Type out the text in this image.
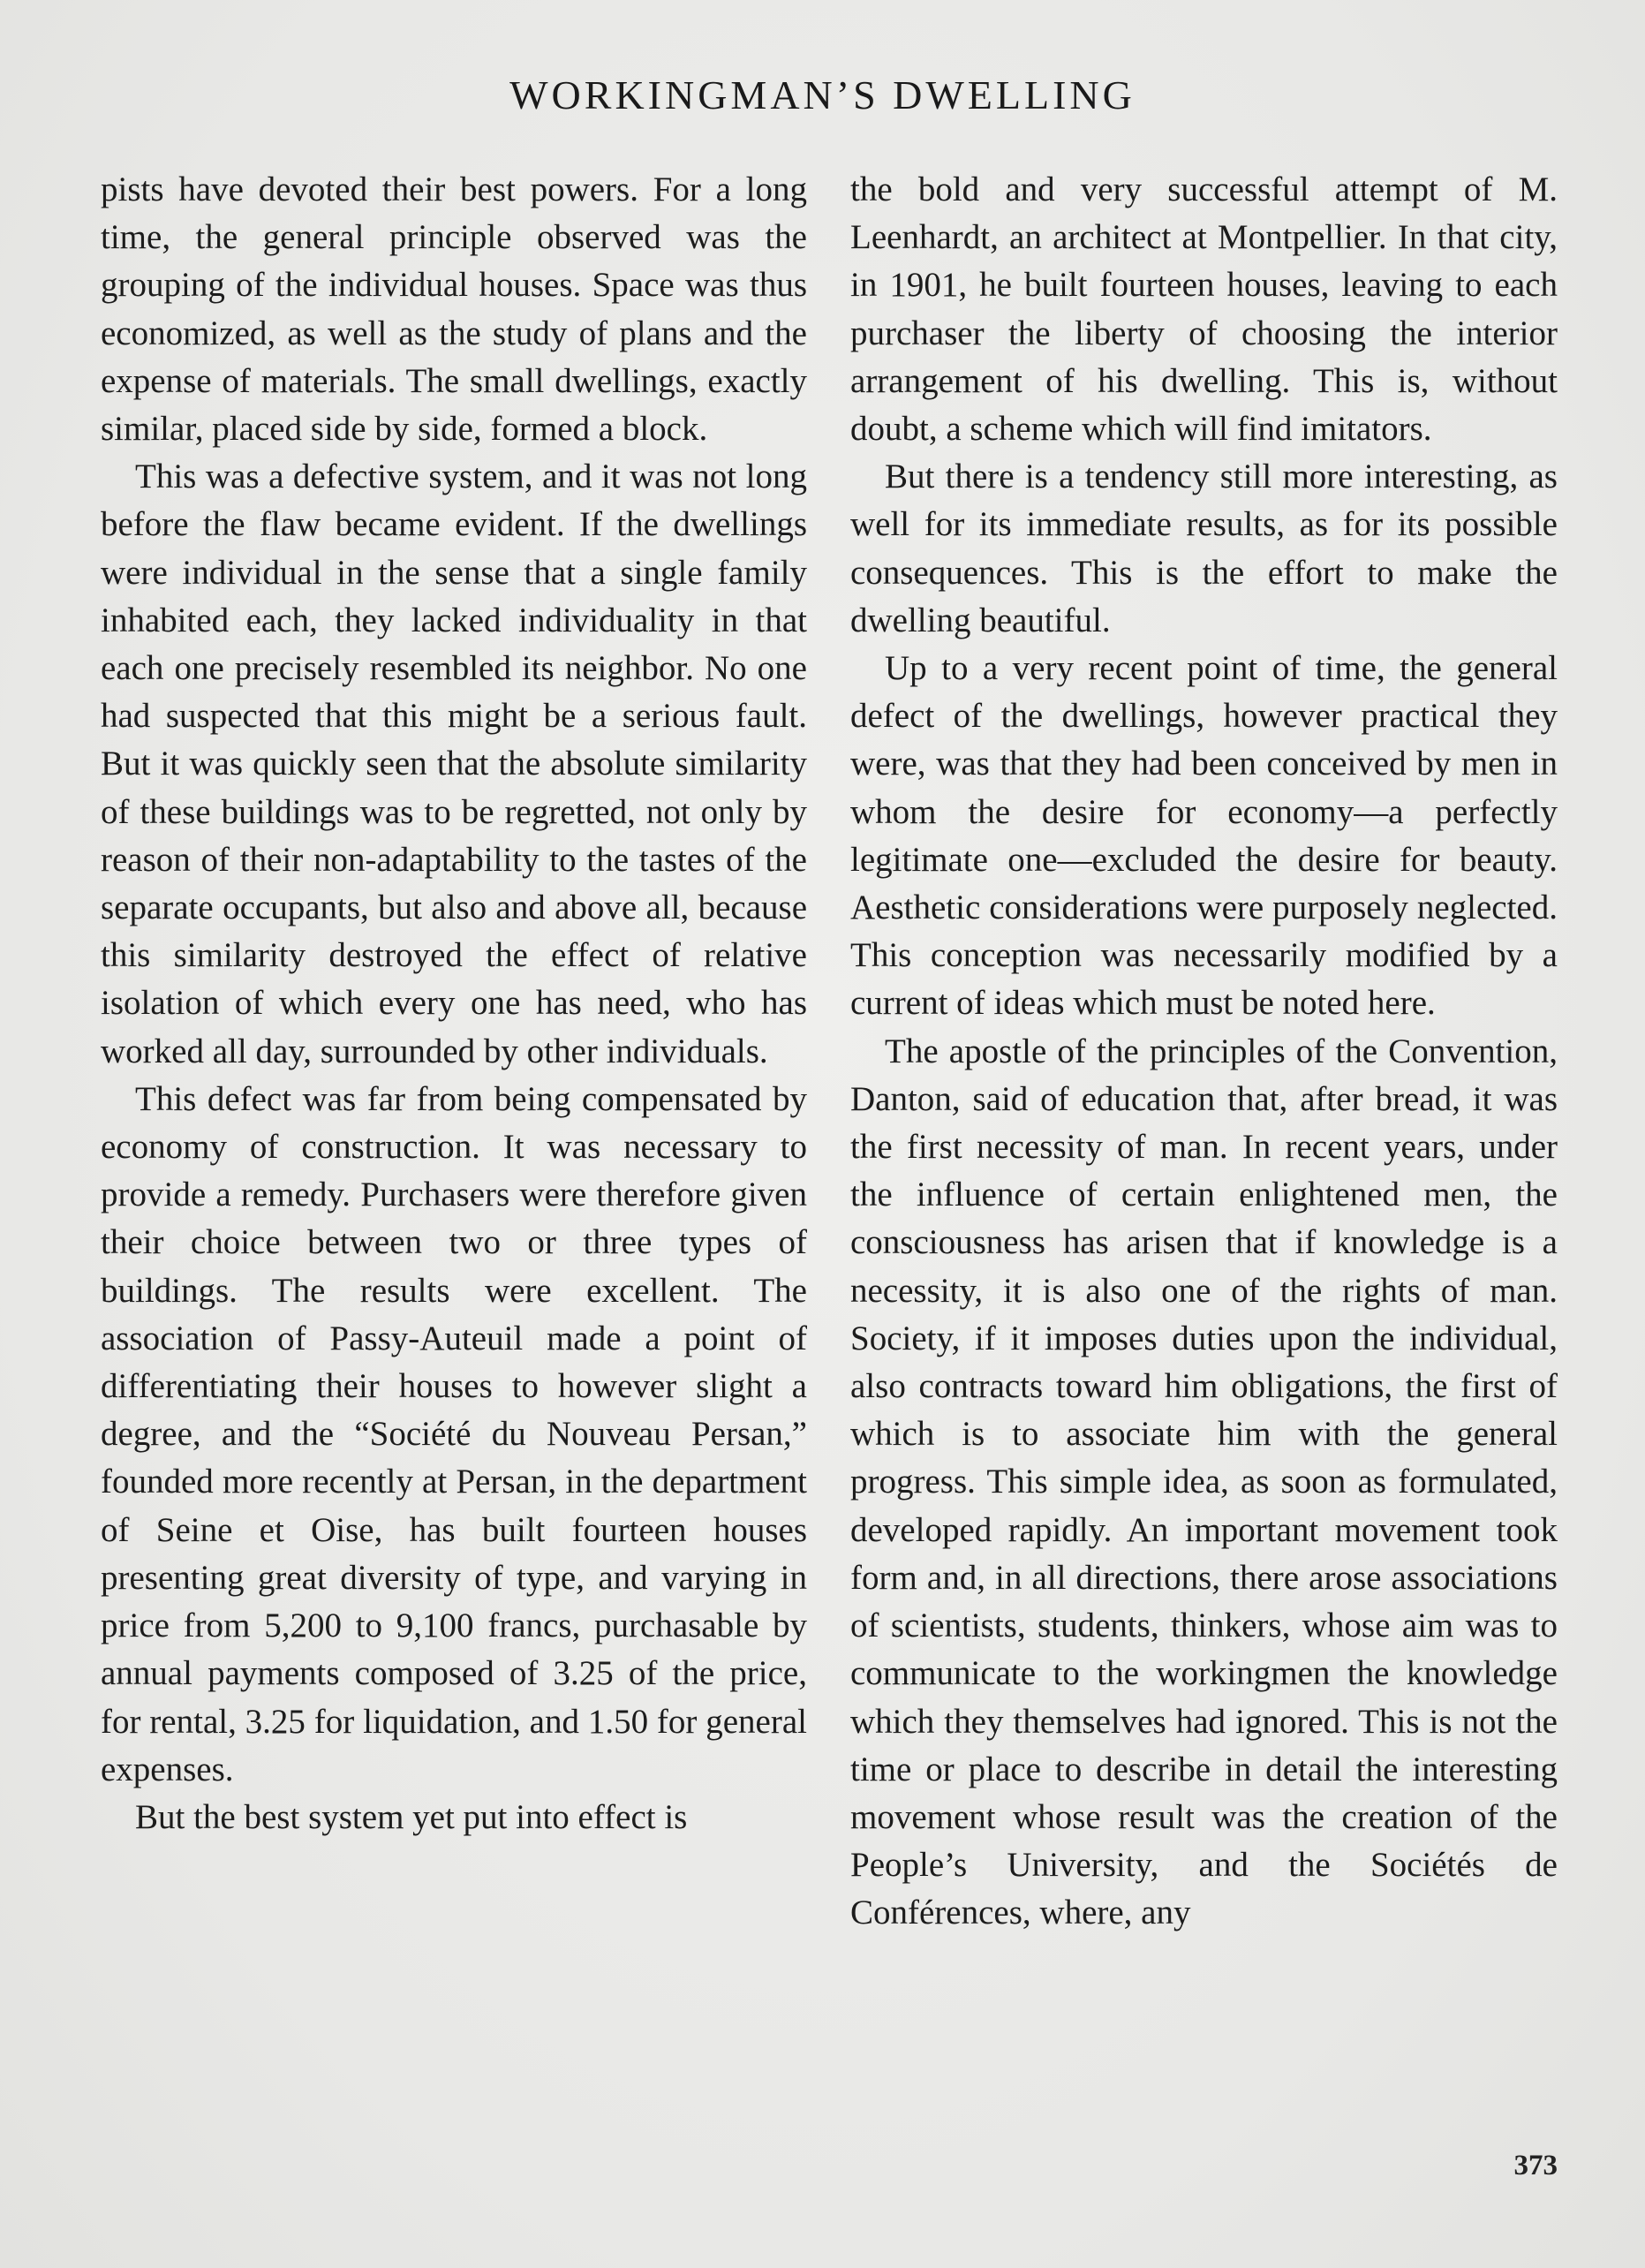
WORKINGMAN’S DWELLING

pists have devoted their best powers. For a long time, the general principle observed was the grouping of the individual houses. Space was thus economized, as well as the study of plans and the expense of materials. The small dwellings, exactly similar, placed side by side, formed a block.

This was a defective system, and it was not long before the flaw became evident. If the dwellings were individual in the sense that a single family inhabited each, they lacked individuality in that each one precisely resembled its neighbor. No one had suspected that this might be a serious fault. But it was quickly seen that the absolute similarity of these buildings was to be regretted, not only by reason of their non-adaptability to the tastes of the separate occupants, but also and above all, because this similarity destroyed the effect of relative isolation of which every one has need, who has worked all day, surrounded by other individuals.

This defect was far from being compensated by economy of construction. It was necessary to provide a remedy. Purchasers were therefore given their choice between two or three types of buildings. The results were excellent. The association of Passy-Auteuil made a point of differentiating their houses to however slight a degree, and the “Société du Nouveau Persan,” founded more recently at Persan, in the department of Seine et Oise, has built fourteen houses presenting great diversity of type, and varying in price from 5,200 to 9,100 francs, purchasable by annual payments composed of 3.25 of the price, for rental, 3.25 for liquidation, and 1.50 for general expenses.

But the best system yet put into effect is

the bold and very successful attempt of M. Leenhardt, an architect at Montpellier. In that city, in 1901, he built fourteen houses, leaving to each purchaser the liberty of choosing the interior arrangement of his dwelling. This is, without doubt, a scheme which will find imitators.

But there is a tendency still more interesting, as well for its immediate results, as for its possible consequences. This is the effort to make the dwelling beautiful.

Up to a very recent point of time, the general defect of the dwellings, however practical they were, was that they had been conceived by men in whom the desire for economy—a perfectly legitimate one—excluded the desire for beauty. Aesthetic considerations were purposely neglected. This conception was necessarily modified by a current of ideas which must be noted here.

The apostle of the principles of the Convention, Danton, said of education that, after bread, it was the first necessity of man. In recent years, under the influence of certain enlightened men, the consciousness has arisen that if knowledge is a necessity, it is also one of the rights of man. Society, if it imposes duties upon the individual, also contracts toward him obligations, the first of which is to associate him with the general progress. This simple idea, as soon as formulated, developed rapidly. An important movement took form and, in all directions, there arose associations of scientists, students, thinkers, whose aim was to communicate to the workingmen the knowledge which they themselves had ignored. This is not the time or place to describe in detail the interesting movement whose result was the creation of the People’s University, and the Sociétés de Conférences, where, any

373
